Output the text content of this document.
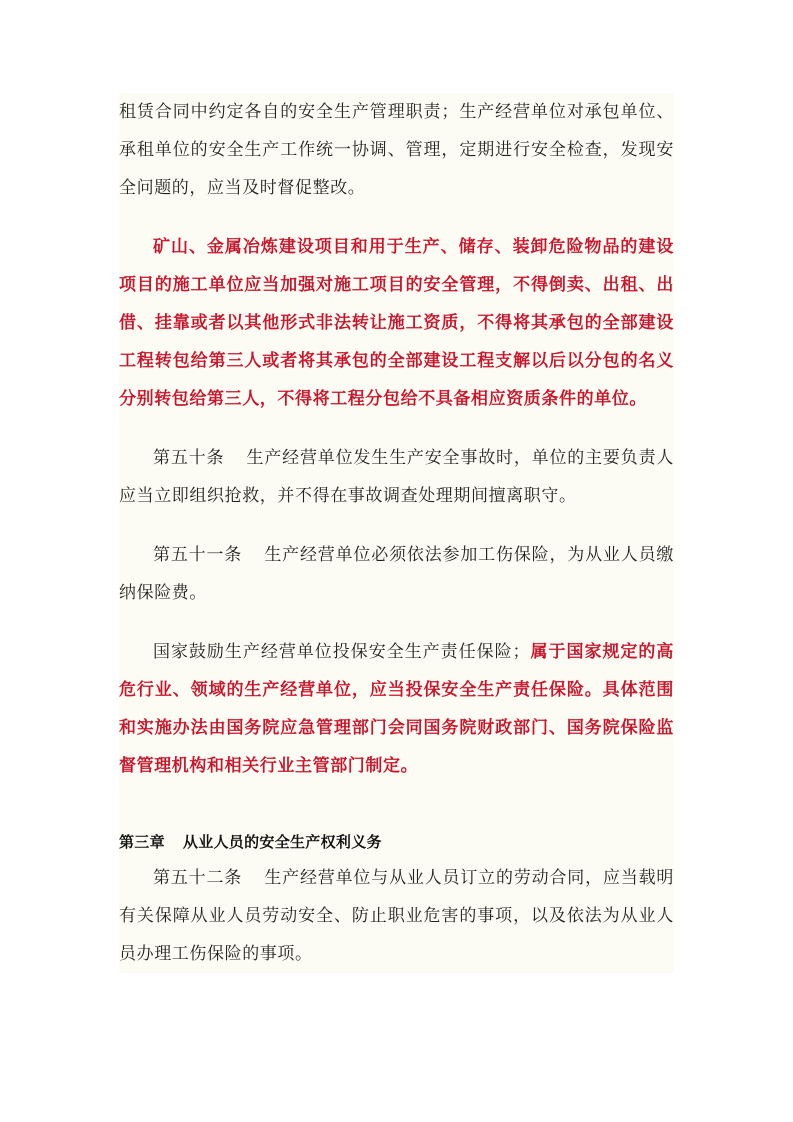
租赁合同中约定各自的安全生产管理职责；生产经营单位对承包单位、承租单位的安全生产工作统一协调、管理，定期进行安全检查，发现安全问题的，应当及时督促整改。

矿山、金属冶炼建设项目和用于生产、储存、装卸危险物品的建设项目的施工单位应当加强对施工项目的安全管理，不得倒卖、出租、出借、挂靠或者以其他形式非法转让施工资质，不得将其承包的全部建设工程转包给第三人或者将其承包的全部建设工程支解以后以分包的名义分别转包给第三人，不得将工程分包给不具备相应资质条件的单位。

第五十条 生产经营单位发生生产安全事故时，单位的主要负责人应当立即组织抢救，并不得在事故调查处理期间擅离职守。

第五十一条 生产经营单位必须依法参加工伤保险，为从业人员缴纳保险费。

国家鼓励生产经营单位投保安全生产责任保险；属于国家规定的高危行业、领域的生产经营单位，应当投保安全生产责任保险。具体范围和实施办法由国务院应急管理部门会同国务院财政部门、国务院保险监督管理机构和相关行业主管部门制定。

第三章 从业人员的安全生产权利义务

第五十二条 生产经营单位与从业人员订立的劳动合同，应当载明有关保障从业人员劳动安全、防止职业危害的事项，以及依法为从业人员办理工伤保险的事项。
